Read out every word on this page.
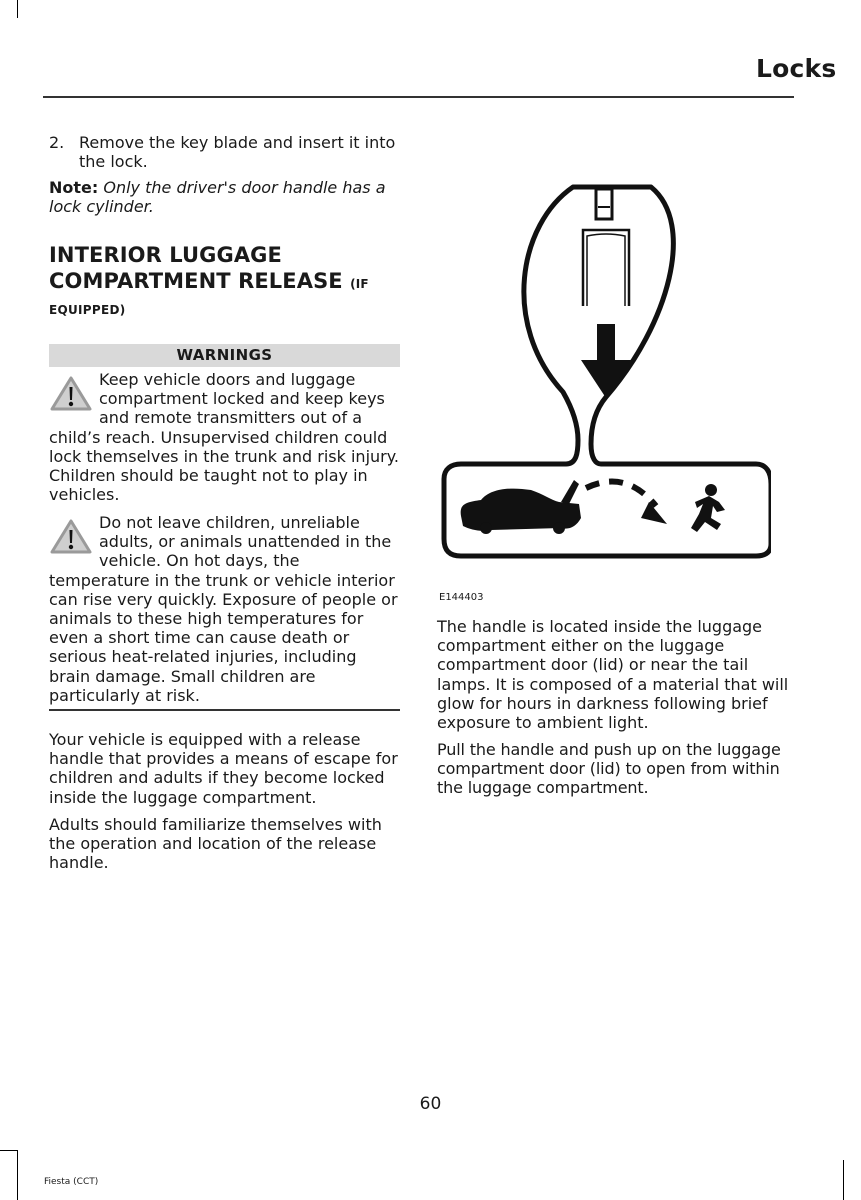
Locks
2. Remove the key blade and insert it into the lock.
Note: Only the driver's door handle has a lock cylinder.
INTERIOR LUGGAGE
COMPARTMENT RELEASE (IF
EQUIPPED)
WARNINGS
Keep vehicle doors and luggage compartment locked and keep keys and remote transmitters out of a child’s reach. Unsupervised children could lock themselves in the trunk and risk injury. Children should be taught not to play in vehicles.
Do not leave children, unreliable adults, or animals unattended in the vehicle. On hot days, the temperature in the trunk or vehicle interior can rise very quickly. Exposure of people or animals to these high temperatures for even a short time can cause death or serious heat-related injuries, including brain damage. Small children are particularly at risk.
Your vehicle is equipped with a release handle that provides a means of escape for children and adults if they become locked inside the luggage compartment.
Adults should familiarize themselves with the operation and location of the release handle.
E144403
The handle is located inside the luggage compartment either on the luggage compartment door (lid) or near the tail lamps. It is composed of a material that will glow for hours in darkness following brief exposure to ambient light.
Pull the handle and push up on the luggage compartment door (lid) to open from within the luggage compartment.
60
Fiesta (CCT)
